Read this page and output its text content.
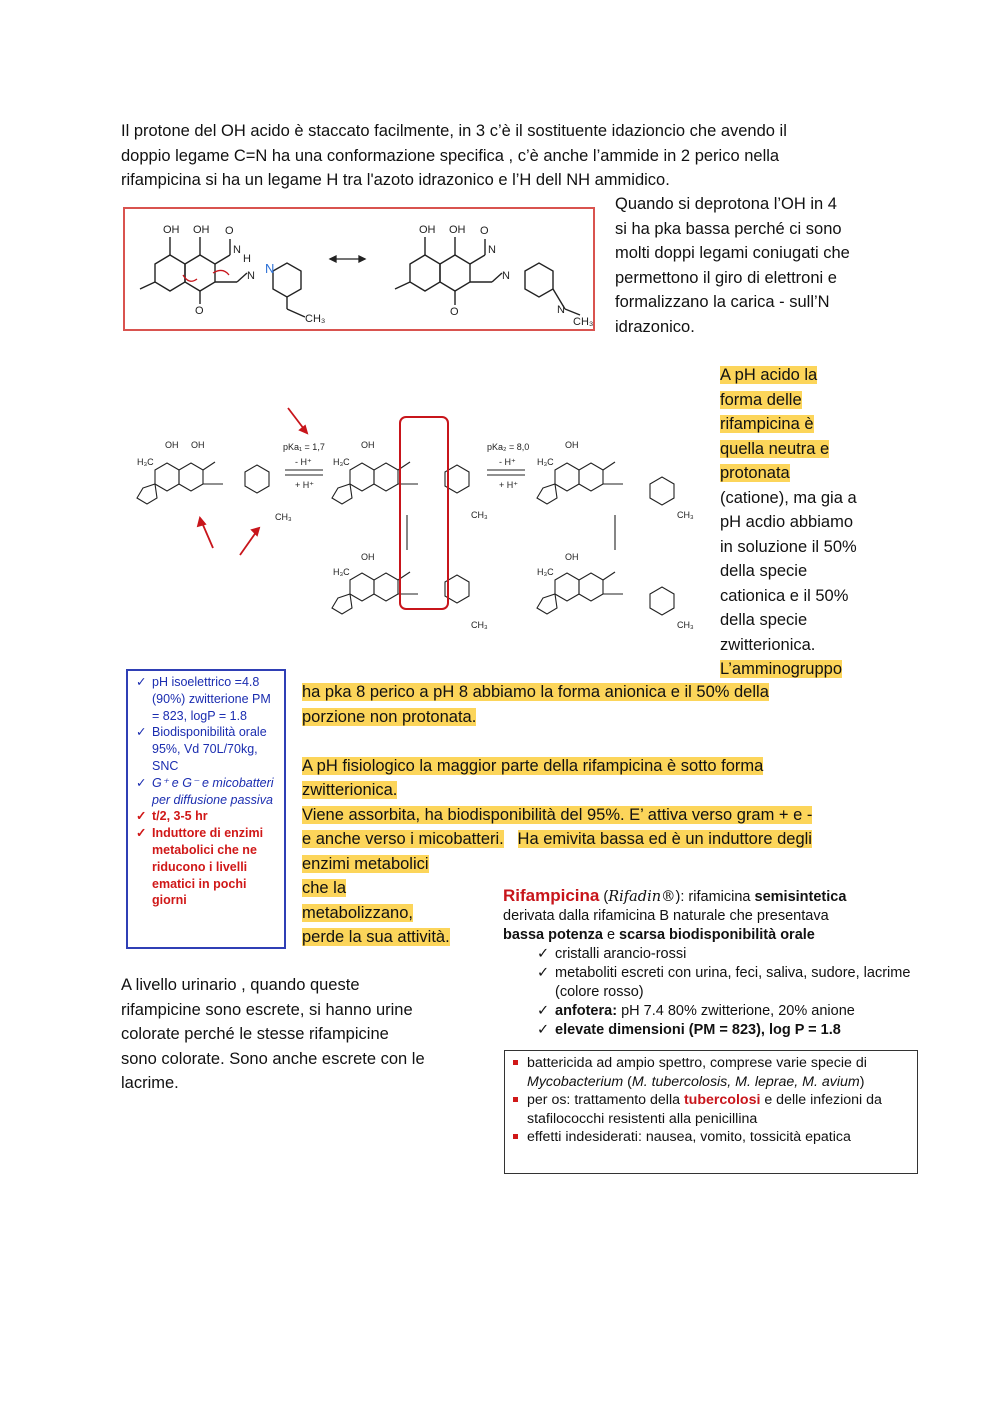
Il protone del OH acido è staccato facilmente, in 3 c’è il sostituente idazioncio che avendo il
doppio legame C=N ha una conformazione specifica , c’è anche l’ammide in 2 perico nella
rifampicina si ha un legame H tra l'azoto idrazonico e l’H dell NH ammidico.
OH OH O
N
H
N
O
CH₃
OH OH O
N
N
O	N
CH₃
N
Quando si deprotona l’OH in 4
si ha pka bassa perché ci sono
molti doppi legami coniugati che
permettono il giro di elettroni e
formalizzano la carica - sull’N
idrazonico.
pKa₁ = 1,7
- H⁺
+ H⁺
pKa₂ = 8,0
- H⁺
+ H⁺
H₃C
OH OH
CH₃
H₃C
OH
CH₃
H₃C
OH
CH₃
H₃C
OH
CH₃
H₃C
OH
CH₃
A pH acido la
forma delle
rifampicina è
quella neutra e
protonata
(catione), ma gia a
pH acdio abbiamo
in soluzione il 50%
della specie
cationica e il 50%
della specie
zwitterionica.
L’amminogruppo
✓ pH isoelettrico =4.8 (90%) zwitterione PM = 823, logP = 1.8
✓ Biodisponibilità orale 95%, Vd 70L/70kg, SNC
✓ G⁺ e G⁻ e micobatteri per diffusione passiva
✓ t/2, 3-5 hr
✓ Induttore di enzimi metabolici che ne riducono i livelli ematici in pochi giorni
ha pka 8 perico a pH 8 abbiamo la forma anionica e il 50% della
porzione non protonata.
A pH fisiologico la maggior parte della rifampicina è sotto forma
zwitterionica.
Viene assorbita, ha biodisponibilità del 95%. E’ attiva verso gram + e -
e anche verso i micobatteri. Ha emivita bassa ed è un induttore degli
enzimi metabolici
che la
metabolizzano,
perde la sua attività.
A livello urinario , quando queste
rifampicine sono escrete, si hanno urine
colorate perché le stesse rifampicine
sono colorate. Sono anche escrete con le
lacrime.
Rifampicina (Rifadin®): rifamicina semisintetica
derivata dalla rifamicina B naturale che presentava
bassa potenza e scarsa biodisponibilità orale
✓ cristalli arancio-rossi
✓ metaboliti escreti con urina, feci, saliva, sudore, lacrime (colore rosso)
✓ anfotera: pH 7.4 80% zwitterione, 20% anione
✓ elevate dimensioni (PM = 823), log P = 1.8
battericida ad ampio spettro, comprese varie specie di Mycobacterium (M. tubercolosis, M. leprae, M. avium)
per os: trattamento della tubercolosi e delle infezioni da stafilococchi resistenti alla penicillina
effetti indesiderati: nausea, vomito, tossicità epatica
